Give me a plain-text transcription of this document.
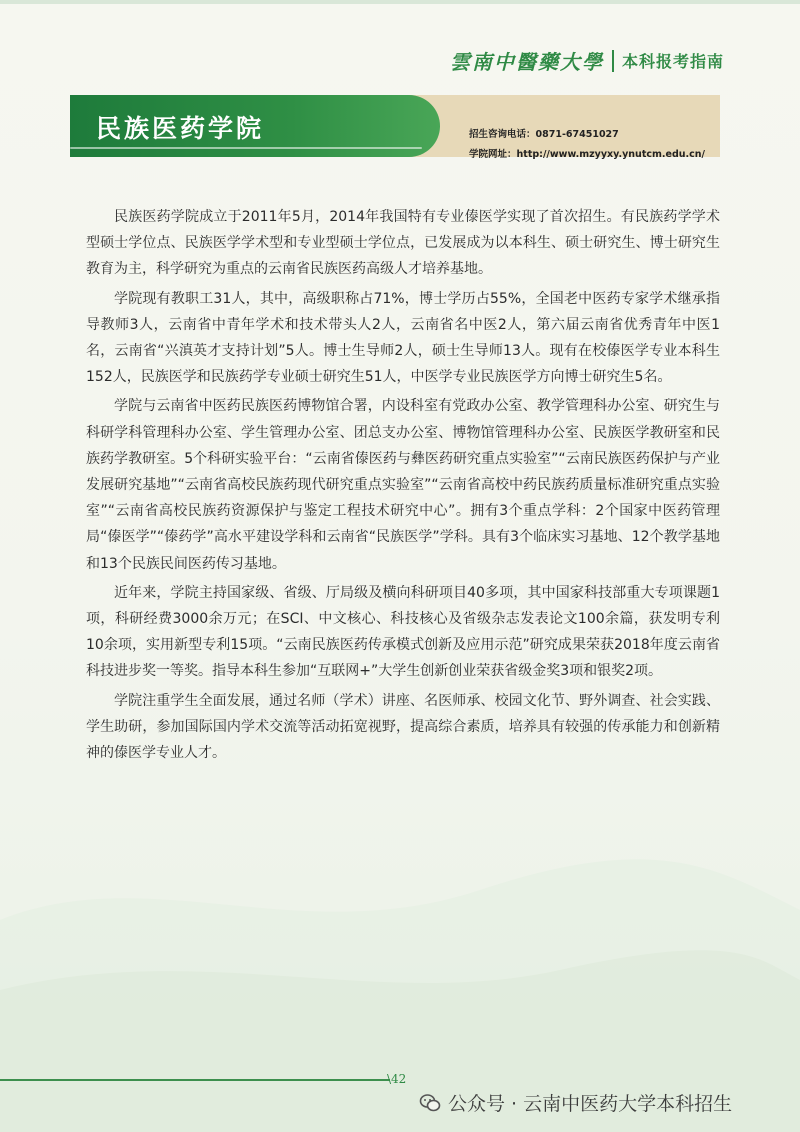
雲南中醫藥大學 本科报考指南
民族医药学院	招生咨询电话：0871-67451027
学院网址：http://www.mzyyxy.ynutcm.edu.cn/

民族医药学院成立于2011年5月，2014年我国特有专业傣医学实现了首次招生。有民族药学学术型硕士学位点、民族医学学术型和专业型硕士学位点，已发展成为以本科生、硕士研究生、博士研究生教育为主，科学研究为重点的云南省民族医药高级人才培养基地。

学院现有教职工31人，其中，高级职称占71%，博士学历占55%，全国老中医药专家学术继承指导教师3人，云南省中青年学术和技术带头人2人，云南省名中医2人，第六届云南省优秀青年中医1名，云南省“兴滇英才支持计划”5人。博士生导师2人，硕士生导师13人。现有在校傣医学专业本科生152人，民族医学和民族药学专业硕士研究生51人，中医学专业民族医学方向博士研究生5名。

学院与云南省中医药民族医药博物馆合署，内设科室有党政办公室、教学管理科办公室、研究生与科研学科管理科办公室、学生管理办公室、团总支办公室、博物馆管理科办公室、民族医学教研室和民族药学教研室。5个科研实验平台：“云南省傣医药与彝医药研究重点实验室”“云南民族医药保护与产业发展研究基地”“云南省高校民族药现代研究重点实验室”“云南省高校中药民族药质量标准研究重点实验室”“云南省高校民族药资源保护与鉴定工程技术研究中心”。拥有3个重点学科：2个国家中医药管理局“傣医学”“傣药学”高水平建设学科和云南省“民族医学”学科。具有3个临床实习基地、12个教学基地和13个民族民间医药传习基地。

近年来，学院主持国家级、省级、厅局级及横向科研项目40多项，其中国家科技部重大专项课题1项，科研经费3000余万元；在SCI、中文核心、科技核心及省级杂志发表论文100余篇，获发明专利10余项，实用新型专利15项。“云南民族医药传承模式创新及应用示范”研究成果荣获2018年度云南省科技进步奖一等奖。指导本科生参加“互联网+”大学生创新创业荣获省级金奖3项和银奖2项。

学院注重学生全面发展，通过名师（学术）讲座、名医师承、校园文化节、野外调查、社会实践、学生助研，参加国际国内学术交流等活动拓宽视野，提高综合素质，培养具有较强的传承能力和创新精神的傣医学专业人才。

\42
公众号 · 云南中医药大学本科招生
